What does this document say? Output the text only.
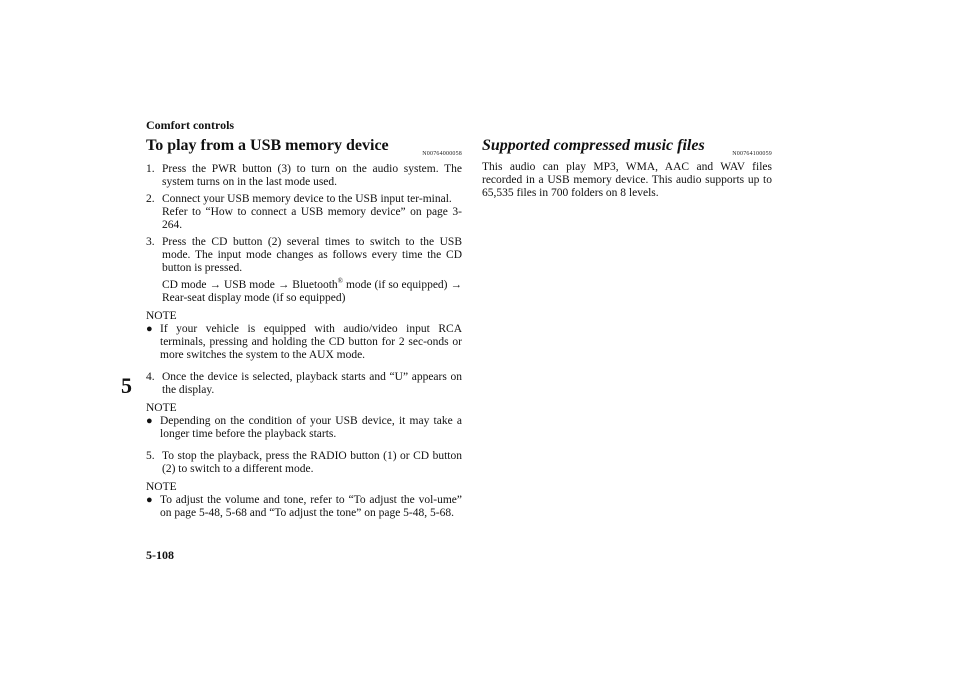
Comfort controls
5-108
5
To play from a USB memory device	N00764000058
1. Press the PWR button (3) to turn on the audio system. The system turns on in the last mode used.
2. Connect your USB memory device to the USB input ter-minal.
Refer to “How to connect a USB memory device” on page 3-264.
3. Press the CD button (2) several times to switch to the USB mode. The input mode changes as follows every time the CD button is pressed.
CD mode → USB mode → Bluetooth® mode (if so equipped) → Rear-seat display mode (if so equipped)
NOTE
● If your vehicle is equipped with audio/video input RCA terminals, pressing and holding the CD button for 2 sec-onds or more switches the system to the AUX mode.
4. Once the device is selected, playback starts and “U” appears on the display.
NOTE
● Depending on the condition of your USB device, it may take a longer time before the playback starts.
5. To stop the playback, press the RADIO button (1) or CD button (2) to switch to a different mode.
NOTE
● To adjust the volume and tone, refer to “To adjust the vol-ume” on page 5-48, 5-68 and “To adjust the tone” on page 5-48, 5-68.
Supported compressed music files	N00764100059

This audio can play MP3, WMA, AAC and WAV files recorded in a USB memory device. This audio supports up to 65,535 files in 700 folders on 8 levels.
